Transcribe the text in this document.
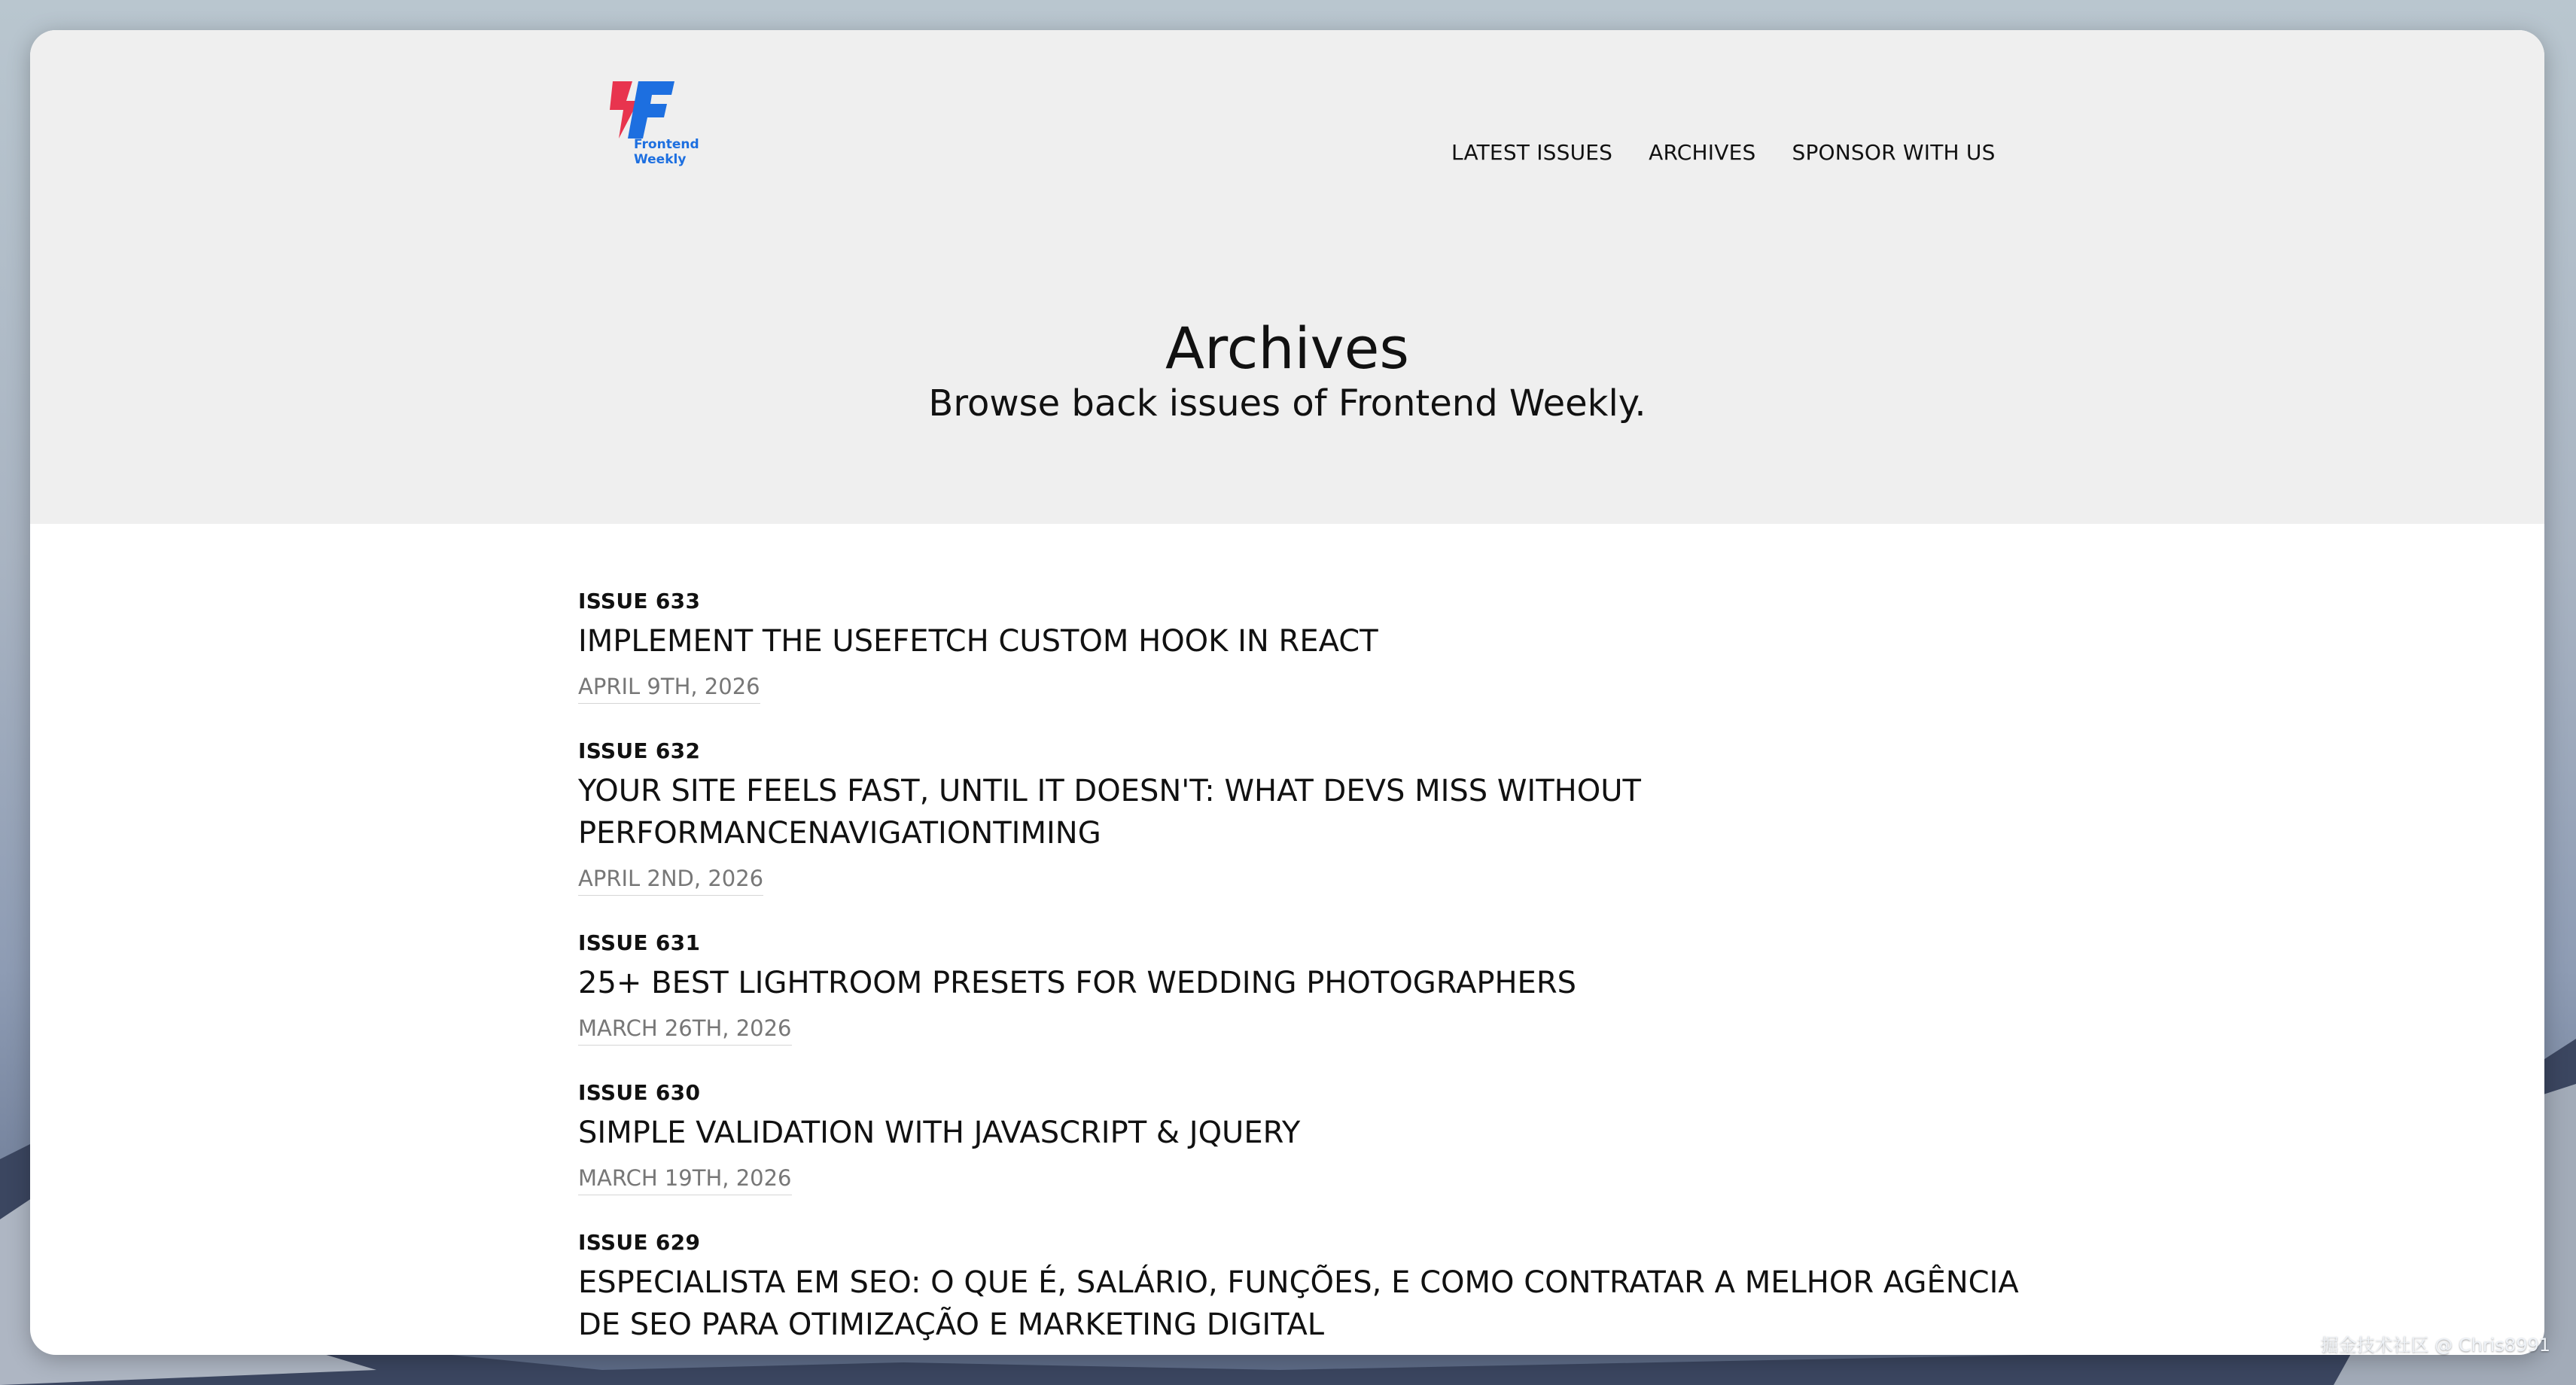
Frontend
Weekly	LATEST ISSUES ARCHIVES SPONSOR WITH US
Archives

Browse back issues of Frontend Weekly.

ISSUE 633
IMPLEMENT THE USEFETCH CUSTOM HOOK IN REACT
APRIL 9TH, 2026
ISSUE 632
YOUR SITE FEELS FAST, UNTIL IT DOESN'T: WHAT DEVS MISS WITHOUT PERFORMANCENAVIGATIONTIMING
APRIL 2ND, 2026
ISSUE 631
25+ BEST LIGHTROOM PRESETS FOR WEDDING PHOTOGRAPHERS
MARCH 26TH, 2026
ISSUE 630
SIMPLE VALIDATION WITH JAVASCRIPT & JQUERY
MARCH 19TH, 2026
ISSUE 629
ESPECIALISTA EM SEO: O QUE É, SALÁRIO, FUNÇÕES, E COMO CONTRATAR A MELHOR AGÊNCIA DE SEO PARA OTIMIZAÇÃO E MARKETING DIGITAL
掘金技术社区 @ Chris8991
